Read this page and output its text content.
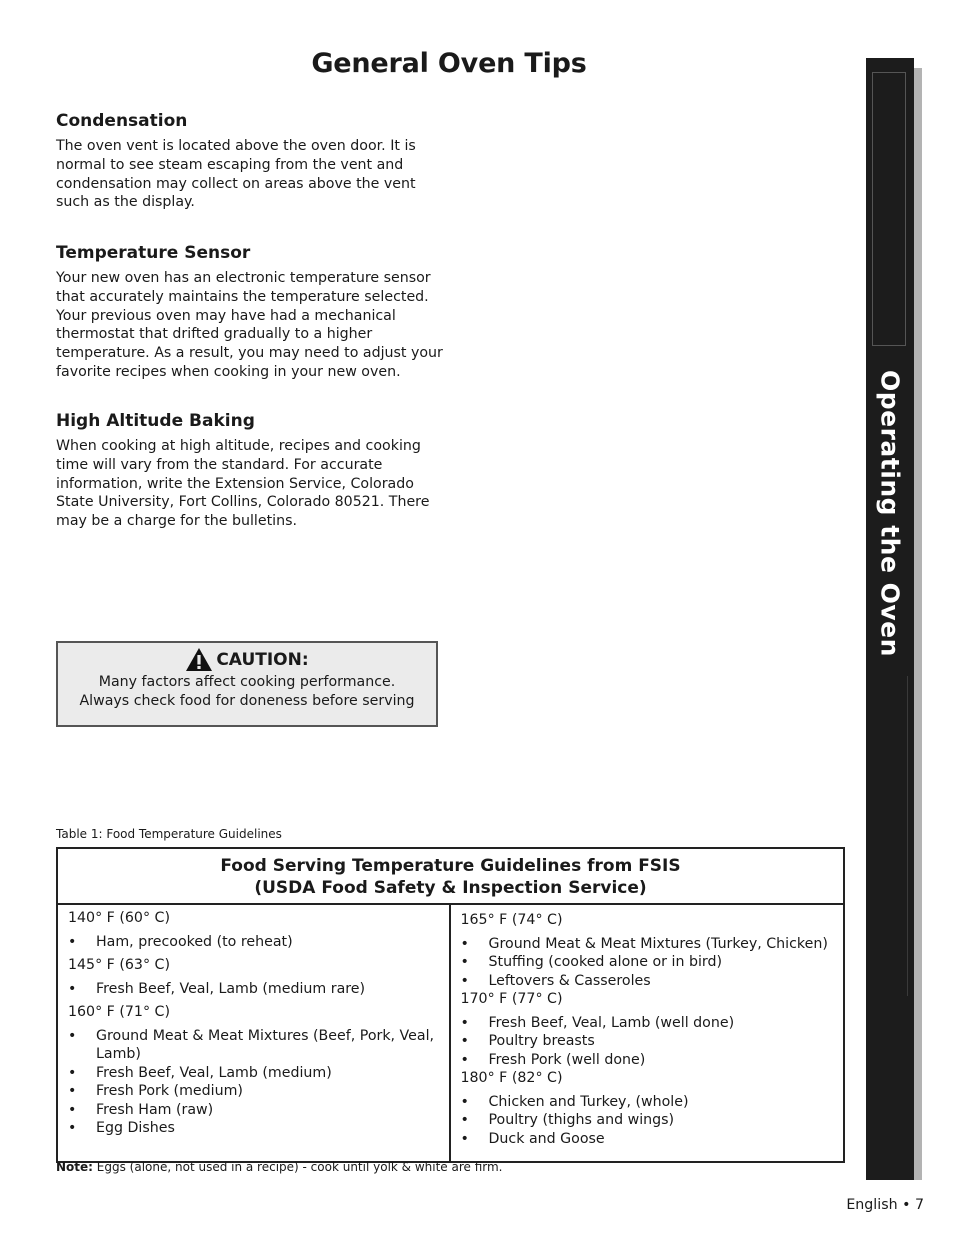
General Oven Tips
Condensation

The oven vent is located above the oven door. It is normal to see steam escaping from the vent and condensation may collect on areas above the vent such as the display.

Temperature Sensor

Your new oven has an electronic temperature sensor that accurately maintains the temperature selected. Your previous oven may have had a mechanical thermostat that drifted gradually to a higher temperature. As a result, you may need to adjust your favorite recipes when cooking in your new oven.

High Altitude Baking

When cooking at high altitude, recipes and cooking time will vary from the standard. For accurate information, write the Extension Service, Colorado State University, Fort Collins, Colorado 80521. There may be a charge for the bulletins.

CAUTION:
Many factors affect cooking performance.
Always check food for doneness before serving
Table 1: Food Temperature Guidelines
Food Serving Temperature Guidelines from FSIS
(USDA Food Safety & Inspection Service)
140° F (60° C)
• Ham, precooked (to reheat)
145° F (63° C)
• Fresh Beef, Veal, Lamb (medium rare)
160° F (71° C)
• Ground Meat & Meat Mixtures (Beef, Pork, Veal, Lamb)
• Fresh Beef, Veal, Lamb (medium)
• Fresh Pork (medium)
• Fresh Ham (raw)
• Egg Dishes
165° F (74° C)
• Ground Meat & Meat Mixtures (Turkey, Chicken)
• Stuffing (cooked alone or in bird)
• Leftovers & Casseroles
170° F (77° C)
• Fresh Beef, Veal, Lamb (well done)
• Poultry breasts
• Fresh Pork (well done)
180° F (82° C)
• Chicken and Turkey, (whole)
• Poultry (thighs and wings)
• Duck and Goose
Note: Eggs (alone, not used in a recipe) - cook until yolk & white are firm.
Operating the Oven
English • 7
